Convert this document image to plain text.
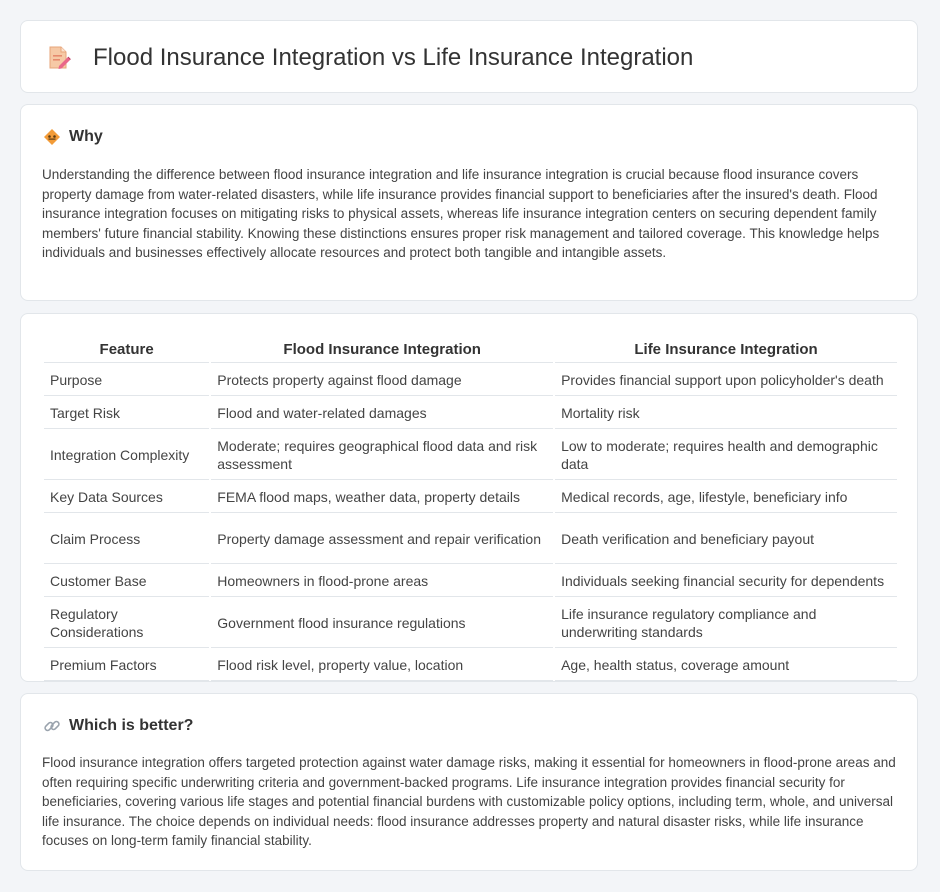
Flood Insurance Integration vs Life Insurance Integration
Why

Understanding the difference between flood insurance integration and life insurance integration is crucial because flood insurance covers property damage from water-related disasters, while life insurance provides financial support to beneficiaries after the insured's death. Flood insurance integration focuses on mitigating risks to physical assets, whereas life insurance integration centers on securing dependent family members' future financial stability. Knowing these distinctions ensures proper risk management and tailored coverage. This knowledge helps individuals and businesses effectively allocate resources and protect both tangible and intangible assets.

Feature	Flood Insurance Integration	Life Insurance Integration
Purpose	Protects property against flood damage	Provides financial support upon policyholder's death
Target Risk	Flood and water-related damages	Mortality risk
Integration Complexity	Moderate; requires geographical flood data and risk assessment	Low to moderate; requires health and demographic data
Key Data Sources	FEMA flood maps, weather data, property details	Medical records, age, lifestyle, beneficiary info
Claim Process	Property damage assessment and repair verification	Death verification and beneficiary payout
Customer Base	Homeowners in flood-prone areas	Individuals seeking financial security for dependents
Regulatory Considerations	Government flood insurance regulations	Life insurance regulatory compliance and underwriting standards
Premium Factors	Flood risk level, property value, location	Age, health status, coverage amount
Which is better?

Flood insurance integration offers targeted protection against water damage risks, making it essential for homeowners in flood-prone areas and often requiring specific underwriting criteria and government-backed programs. Life insurance integration provides financial security for beneficiaries, covering various life stages and potential financial burdens with customizable policy options, including term, whole, and universal life insurance. The choice depends on individual needs: flood insurance addresses property and natural disaster risks, while life insurance focuses on long-term family financial stability.
